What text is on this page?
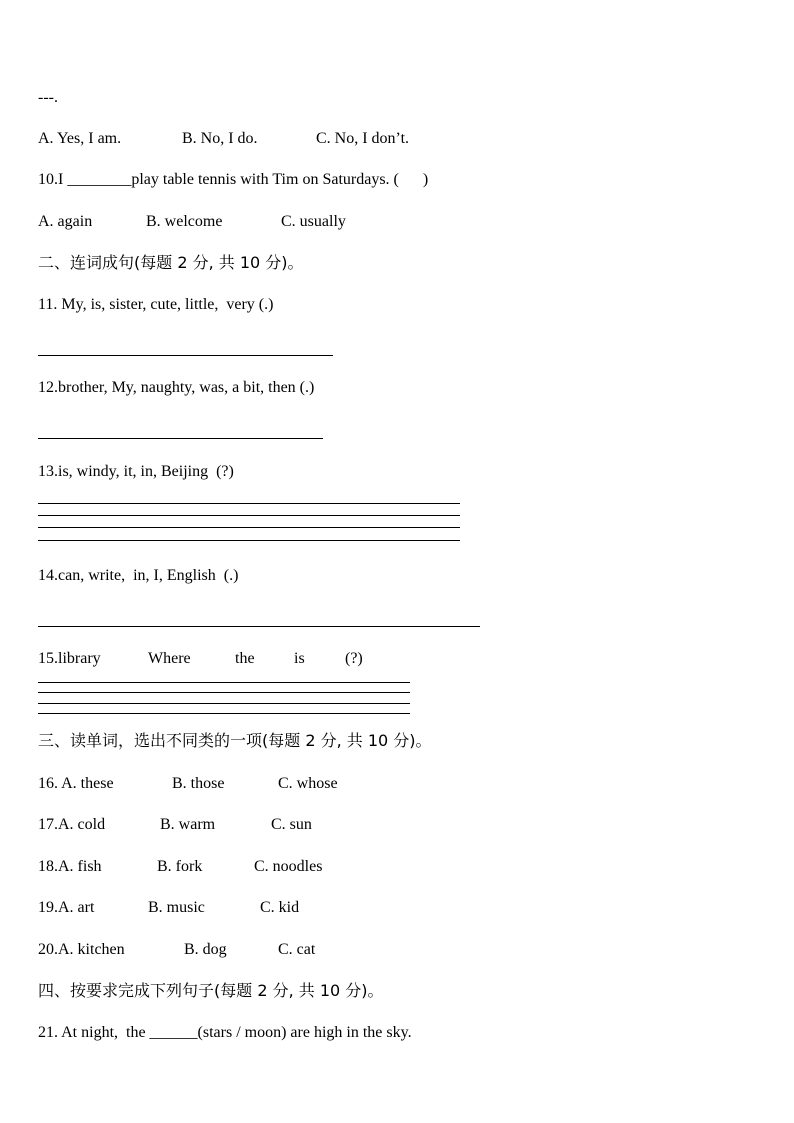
---.
A. Yes, I am.	B. No, I do.	C. No, I don’t.
10.I ________play table tennis with Tim on Saturdays. (      )
A. again	B. welcome	C. usually
二、连词成句(每题 2 分, 共 10 分)。
11. My, is, sister, cute, little,  very (.)
12.brother, My, naughty, was, a bit, then (.)
13.is, windy, it, in, Beijing  (?)
14.can, write,  in, I, English  (.)
15.library	Where	the is	(?)
三、读单词，选出不同类的一项(每题 2 分, 共 10 分)。
16. A. these	B. those	C. whose
17.A. cold	B. warm	C. sun
18.A. fish	B. fork	C. noodles
19.A. art	B. music	C. kid
20.A. kitchen	B. dog	C. cat
四、按要求完成下列句子(每题 2 分, 共 10 分)。
21. At night,  the ______(stars / moon) are high in the sky.
